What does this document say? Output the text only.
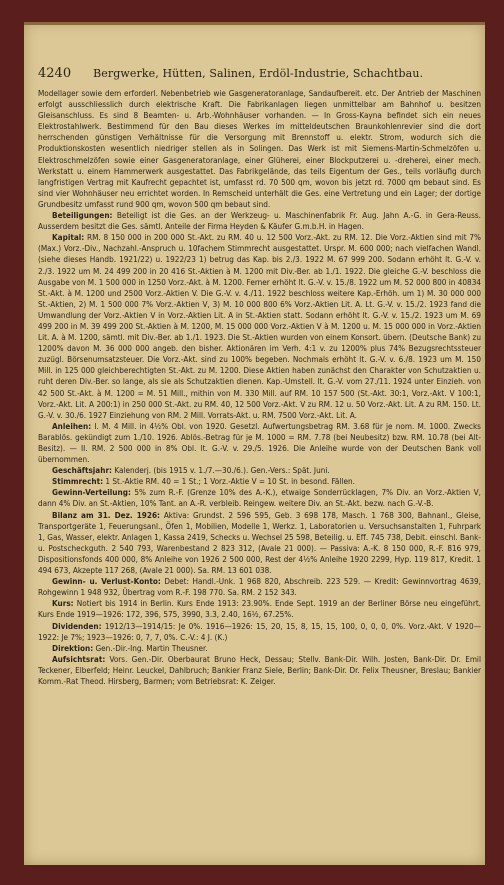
4240 Bergwerke, Hütten, Salinen, Erdöl-Industrie, Schachtbau.

Modellager sowie dem erforderl. Nebenbetrieb wie Gasgeneratoranlage, Sandaufbereit. etc. Der Antrieb der Maschinen erfolgt ausschliesslich durch elektrische Kraft. Die Fabrikanlagen liegen unmittelbar am Bahnhof u. besitzen Gleisanschluss. Es sind 8 Beamten- u. Arb.-Wohnhäuser vorhanden. — In Gross-Kayna befindet sich ein neues Elektrostahlwerk. Bestimmend für den Bau dieses Werkes im mitteldeutschen Braunkohlenrevier sind die dort herrschenden günstigen Verhältnisse für die Versorgung mit Brennstoff u. elektr. Strom, wodurch sich die Produktionskosten wesentlich niedriger stellen als in Solingen. Das Werk ist mit Siemens-Martin-Schmelzöfen u. Elektroschmelzöfen sowie einer Gasgeneratoranlage, einer Glüherei, einer Blockputzerei u. -dreherei, einer mech. Werkstatt u. einem Hammerwerk ausgestattet. Das Fabrikgelände, das teils Eigentum der Ges., teils vorläufig durch langfristigen Vertrag mit Kaufrecht gepachtet ist, umfasst rd. 70 500 qm, wovon bis jetzt rd. 7000 qm bebaut sind. Es sind vier Wohnhäuser neu errichtet worden. In Remscheid unterhält die Ges. eine Vertretung und ein Lager; der dortige Grundbesitz umfasst rund 900 qm, wovon 500 qm bebaut sind.

Beteiligungen: Beteiligt ist die Ges. an der Werkzeug- u. Maschinenfabrik Fr. Aug. Jahn A.-G. in Gera-Reuss. Ausserdem besitzt die Ges. sämtl. Anteile der Firma Heyden & Käufer G.m.b.H. in Hagen.

Kapital: RM. 8 150 000 in 200 000 St.-Akt. zu RM. 40 u. 12 500 Vorz.-Akt. zu RM. 12. Die Vorz.-Aktien sind mit 7% (Max.) Vorz.-Div., Nachzahl.-Anspruch u. 10fachem Stimmrecht ausgestattet. Urspr. M. 600 000; nach vielfachen Wandl. (siehe dieses Handb. 1921/22) u. 1922/23 1) betrug das Kap. bis 2./3. 1922 M. 67 999 200. Sodann erhöht lt. G.-V. v. 2./3. 1922 um M. 24 499 200 in 20 416 St.-Aktien à M. 1200 mit Div.-Ber. ab 1./1. 1922. Die gleiche G.-V. beschloss die Ausgabe von M. 1 500 000 in 1250 Vorz.-Akt. à M. 1200. Ferner erhöht lt. G.-V. v. 15./8. 1922 um M. 52 000 800 in 40834 St.-Akt. à M. 1200 und 2500 Vorz.-Aktien V. Die G.-V. v. 4./11. 1922 beschloss weitere Kap.-Erhöh. um 1) M. 30 000 000 St.-Aktien, 2) M. 1 500 000 7% Vorz.-Aktien V, 3) M. 10 000 800 6% Vorz.-Aktien Lit. A. Lt. G.-V. v. 15./2. 1923 fand die Umwandlung der Vorz.-Aktien V in Vorz.-Aktien Lit. A in St.-Aktien statt. Sodann erhöht lt. G.-V. v. 15./2. 1923 um M. 69 499 200 in M. 39 499 200 St.-Aktien à M. 1200, M. 15 000 000 Vorz.-Aktien V à M. 1200 u. M. 15 000 000 in Vorz.-Aktien Lit. A. à M. 1200, sämtl. mit Div.-Ber. ab 1./1. 1923. Die St.-Aktien wurden von einem Konsort. übern. (Deutsche Bank) zu 1200% davon M. 36 000 000 angeb. den bisher. Aktionären im Verh. 4:1 v. zu 1200% plus 74% Bezugsrechtssteuer zuzügl. Börsenumsatzsteuer. Die Vorz.-Akt. sind zu 100% begeben. Nochmals erhöht lt. G.-V. v. 6./8. 1923 um M. 150 Mill. in 125 000 gleichberechtigten St.-Akt. zu M. 1200. Diese Aktien haben zunächst den Charakter von Schutzaktien u. ruht deren Div.-Ber. so lange, als sie als Schutzaktien dienen. Kap.-Umstell. lt. G.-V. vom 27./11. 1924 unter Einzieh. von 42 500 St.-Akt. à M. 1200 = M. 51 Mill., mithin von M. 330 Mill. auf RM. 10 157 500 (St.-Akt. 30:1, Vorz.-Akt. V 100:1, Vorz.-Akt. Lit. A 200:1) in 250 000 St.-Akt. zu RM. 40, 12 500 Vorz.-Akt. V zu RM. 12 u. 50 Vorz.-Akt. Lit. A zu RM. 150. Lt. G.-V. v. 30./6. 1927 Einziehung von RM. 2 Mill. Vorrats-Akt. u. RM. 7500 Vorz.-Akt. Lit. A.

Anleihen: I. M. 4 Mill. in 4½% Obl. von 1920. Gesetzl. Aufwertungsbetrag RM. 3.68 für je nom. M. 1000. Zwecks Barablös. gekündigt zum 1./10. 1926. Ablös.-Betrag für je M. 1000 = RM. 7.78 (bei Neubesitz) bzw. RM. 10.78 (bei Alt-Besitz). — II. RM. 2 500 000 in 8% Obl. lt. G.-V. v. 29./5. 1926. Die Anleihe wurde von der Deutschen Bank voll übernommen.

Geschäftsjahr: Kalenderj. (bis 1915 v. 1./7.—30./6.). Gen.-Vers.: Spät. Juni.

Stimmrecht: 1 St.-Aktie RM. 40 = 1 St.; 1 Vorz.-Aktie V = 10 St. in besond. Fällen.

Gewinn-Verteilung: 5% zum R.-F. (Grenze 10% des A.-K.), etwaige Sonderrücklagen, 7% Div. an Vorz.-Aktien V, dann 4% Div. an St.-Aktien, 10% Tant. an A.-R. verbleib. Reingew. weitere Div. an St.-Akt. bezw. nach G.-V.-B.

Bilanz am 31. Dez. 1926: Aktiva: Grundst. 2 596 595, Geb. 3 698 178, Masch. 1 768 300, Bahnanl., Gleise, Transportgeräte 1, Feuerungsanl., Öfen 1, Mobilien, Modelle 1, Werkz. 1, Laboratorien u. Versuchsanstalten 1, Fuhrpark 1, Gas, Wasser, elektr. Anlagen 1, Kassa 2419, Schecks u. Wechsel 25 598, Beteilig. u. Eff. 745 738, Debit. einschl. Bank- u. Postscheckguth. 2 540 793, Warenbestand 2 823 312, (Avale 21 000). — Passiva: A.-K. 8 150 000, R.-F. 816 979, Dispositionsfonds 400 000, 8% Anleihe von 1926 2 500 000, Rest der 4½% Anleihe 1920 2299, Hyp. 119 817, Kredit. 1 494 673, Akzepte 117 268, (Avale 21 000). Sa. RM. 13 601 038.

Gewinn- u. Verlust-Konto: Debet: Handl.-Unk. 1 968 820, Abschreib. 223 529. — Kredit: Gewinnvortrag 4639, Rohgewinn 1 948 932, Übertrag vom R.-F. 198 770. Sa. RM. 2 152 343.

Kurs: Notiert bis 1914 in Berlin. Kurs Ende 1913: 23.90%. Ende Sept. 1919 an der Berliner Börse neu eingeführt. Kurs Ende 1919—1926: 172, 396, 575, 3990, 3.3, 2.40, 16½, 67.25%.

Dividenden: 1912/13—1914/15: Je 0%. 1916—1926: 15, 20, 15, 8, 15, 15, 100, 0, 0, 0, 0%. Vorz.-Akt. V 1920—1922: Je 7%; 1923—1926: 0, 7, 7, 0%. C.-V.: 4 J. (K.)

Direktion: Gen.-Dir.-Ing. Martin Theusner.

Aufsichtsrat: Vors. Gen.-Dir. Oberbaurat Bruno Heck, Dessau; Stellv. Bank-Dir. Wilh. Josten, Bank-Dir. Dr. Emil Teckener, Elberfeld; Heinr. Leuckel, Dahlbruch; Bankier Franz Siele, Berlin; Bank-Dir. Dr. Felix Theusner, Breslau; Bankier Komm.-Rat Theod. Hirsberg, Barmen; vom Betriebsrat: K. Zeiger.
